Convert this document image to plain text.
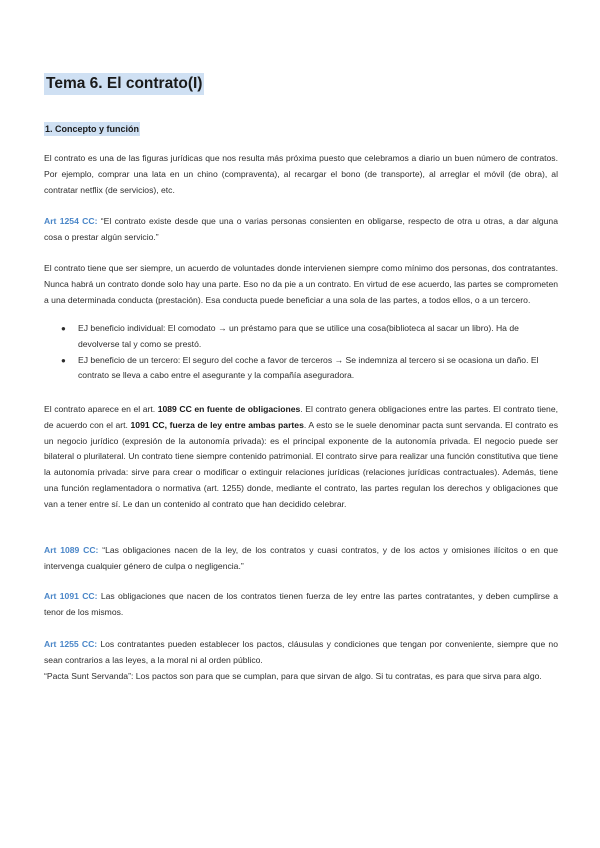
Tema 6. El contrato(I)
1. Concepto y función

El contrato es una de las figuras jurídicas que nos resulta más próxima puesto que celebramos a diario un buen número de contratos. Por ejemplo, comprar una lata en un chino (compraventa), al recargar el bono (de transporte), al arreglar el móvil (de obra), al contratar netflix (de servicios), etc.

Art 1254 CC: “El contrato existe desde que una o varias personas consienten en obligarse, respecto de otra u otras, a dar alguna cosa o prestar algún servicio.”

El contrato tiene que ser siempre, un acuerdo de voluntades donde intervienen siempre como mínimo dos personas, dos contratantes. Nunca habrá un contrato donde solo hay una parte. Eso no da pie a un contrato. En virtud de ese acuerdo, las partes se comprometen a una determinada conducta (prestación). Esa conducta puede beneficiar a una sola de las partes, a todos ellos, o a un tercero.

● EJ beneficio individual: El comodato → un préstamo para que se utilice una cosa(biblioteca al sacar un libro). Ha de devolverse tal y como se prestó.
● EJ beneficio de un tercero: El seguro del coche a favor de terceros → Se indemniza al tercero si se ocasiona un daño. El contrato se lleva a cabo entre el asegurante y la compañía aseguradora.

El contrato aparece en el art. 1089 CC en fuente de obligaciones. El contrato genera obligaciones entre las partes. El contrato tiene, de acuerdo con el art. 1091 CC, fuerza de ley entre ambas partes. A esto se le suele denominar pacta sunt servanda. El contrato es un negocio jurídico (expresión de la autonomía privada): es el principal exponente de la autonomía privada. El negocio puede ser bilateral o plurilateral. Un contrato tiene siempre contenido patrimonial. El contrato sirve para realizar una función constitutiva que tiene la autonomía privada: sirve para crear o modificar o extinguir relaciones jurídicas (relaciones jurídicas contractuales). Además, tiene una función reglamentadora o normativa (art. 1255) donde, mediante el contrato, las partes regulan los derechos y obligaciones que van a tener entre sí. Le dan un contenido al contrato que han decidido celebrar.

Art 1089 CC: “Las obligaciones nacen de la ley, de los contratos y cuasi contratos, y de los actos y omisiones ilícitos o en que intervenga cualquier género de culpa o negligencia.”

Art 1091 CC: Las obligaciones que nacen de los contratos tienen fuerza de ley entre las partes contratantes, y deben cumplirse a tenor de los mismos.

Art 1255 CC: Los contratantes pueden establecer los pactos, cláusulas y condiciones que tengan por conveniente, siempre que no sean contrarios a las leyes, a la moral ni al orden público.
“Pacta Sunt Servanda”: Los pactos son para que se cumplan, para que sirvan de algo. Si tu contratas, es para que sirva para algo.
